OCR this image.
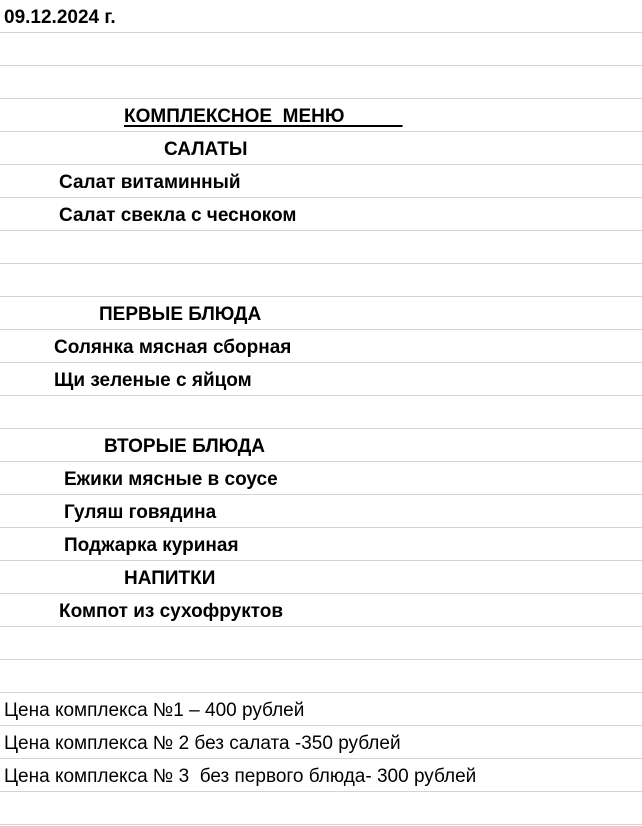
09.12.2024 г.
КОМПЛЕКСНОЕ  МЕНЮ
САЛАТЫ
Салат витаминный
Салат свекла с чесноком
ПЕРВЫЕ БЛЮДА
Солянка мясная сборная
Щи зеленые с яйцом
ВТОРЫЕ БЛЮДА
Ежики мясные в соусе
Гуляш говядина
Поджарка куриная
НАПИТКИ
Компот из сухофруктов
Цена комплекса №1 – 400 рублей
Цена комплекса № 2 без салата -350 рублей
Цена комплекса № 3  без первого блюда- 300 рублей
